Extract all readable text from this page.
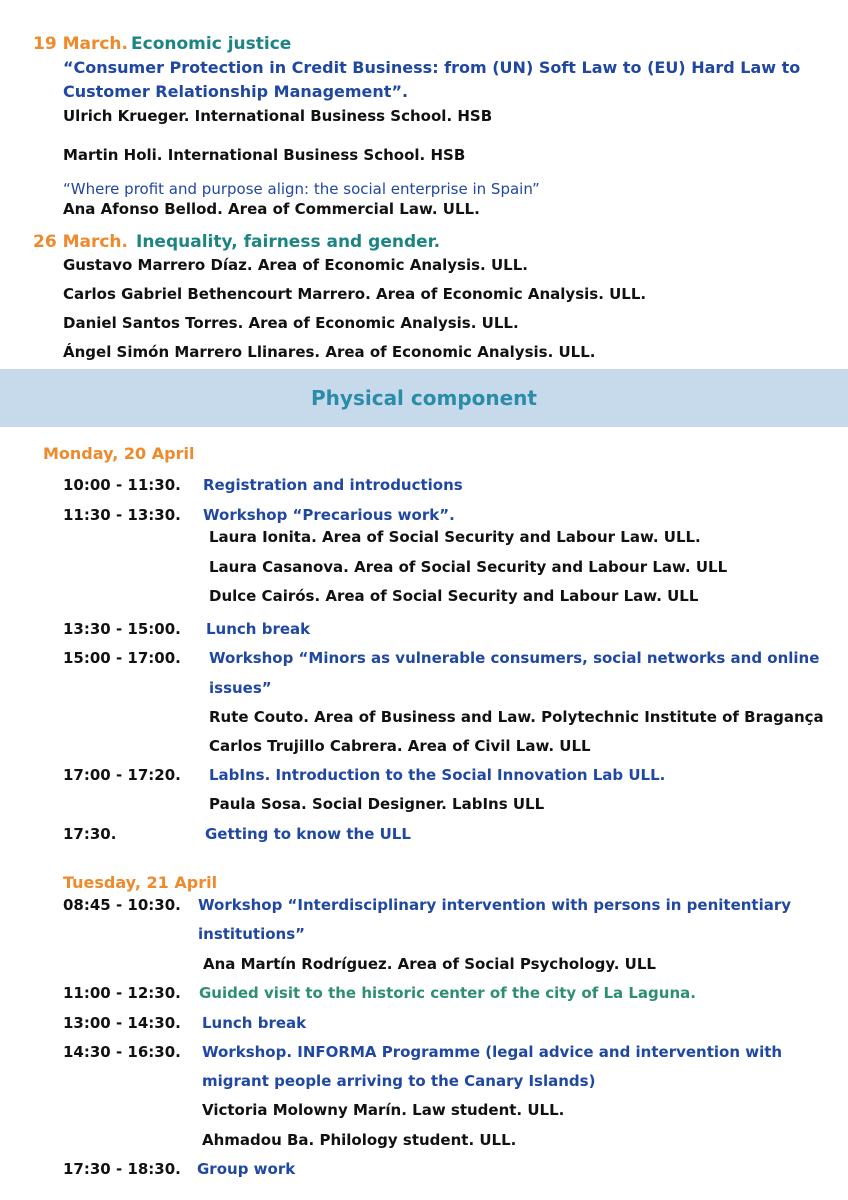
19 March. Economic justice
“Consumer Protection in Credit Business: from (UN) Soft Law to (EU) Hard Law to
Customer Relationship Management”.
Ulrich Krueger. International Business School. HSB
Martin Holi. International Business School. HSB
“Where profit and purpose align: the social enterprise in Spain”
Ana Afonso Bellod. Area of Commercial Law. ULL.
26 March. Inequality, fairness and gender.
Gustavo Marrero Díaz. Area of Economic Analysis. ULL.
Carlos Gabriel Bethencourt Marrero. Area of Economic Analysis. ULL.
Daniel Santos Torres. Area of Economic Analysis. ULL.
Ángel Simón Marrero Llinares. Area of Economic Analysis. ULL.
Physical component
Monday, 20 April
10:00 - 11:30. Registration and introductions
11:30 - 13:30. Workshop “Precarious work”.
Laura Ionita. Area of Social Security and Labour Law. ULL.
Laura Casanova. Area of Social Security and Labour Law. ULL
Dulce Cairós. Area of Social Security and Labour Law. ULL
13:30 - 15:00. Lunch break
15:00 - 17:00. Workshop “Minors as vulnerable consumers, social networks and online
issues”
Rute Couto. Area of Business and Law. Polytechnic Institute of Bragança
Carlos Trujillo Cabrera. Area of Civil Law. ULL
17:00 - 17:20. LabIns. Introduction to the Social Innovation Lab ULL.
Paula Sosa. Social Designer. LabIns ULL
17:30.	Getting to know the ULL
Tuesday, 21 April
08:45 - 10:30. Workshop “Interdisciplinary intervention with persons in penitentiary
institutions”
Ana Martín Rodríguez. Area of Social Psychology. ULL
11:00 - 12:30. Guided visit to the historic center of the city of La Laguna.
13:00 - 14:30. Lunch break
14:30 - 16:30. Workshop. INFORMA Programme (legal advice and intervention with
migrant people arriving to the Canary Islands)
Victoria Molowny Marín. Law student. ULL.
Ahmadou Ba. Philology student. ULL.
17:30 - 18:30. Group work
